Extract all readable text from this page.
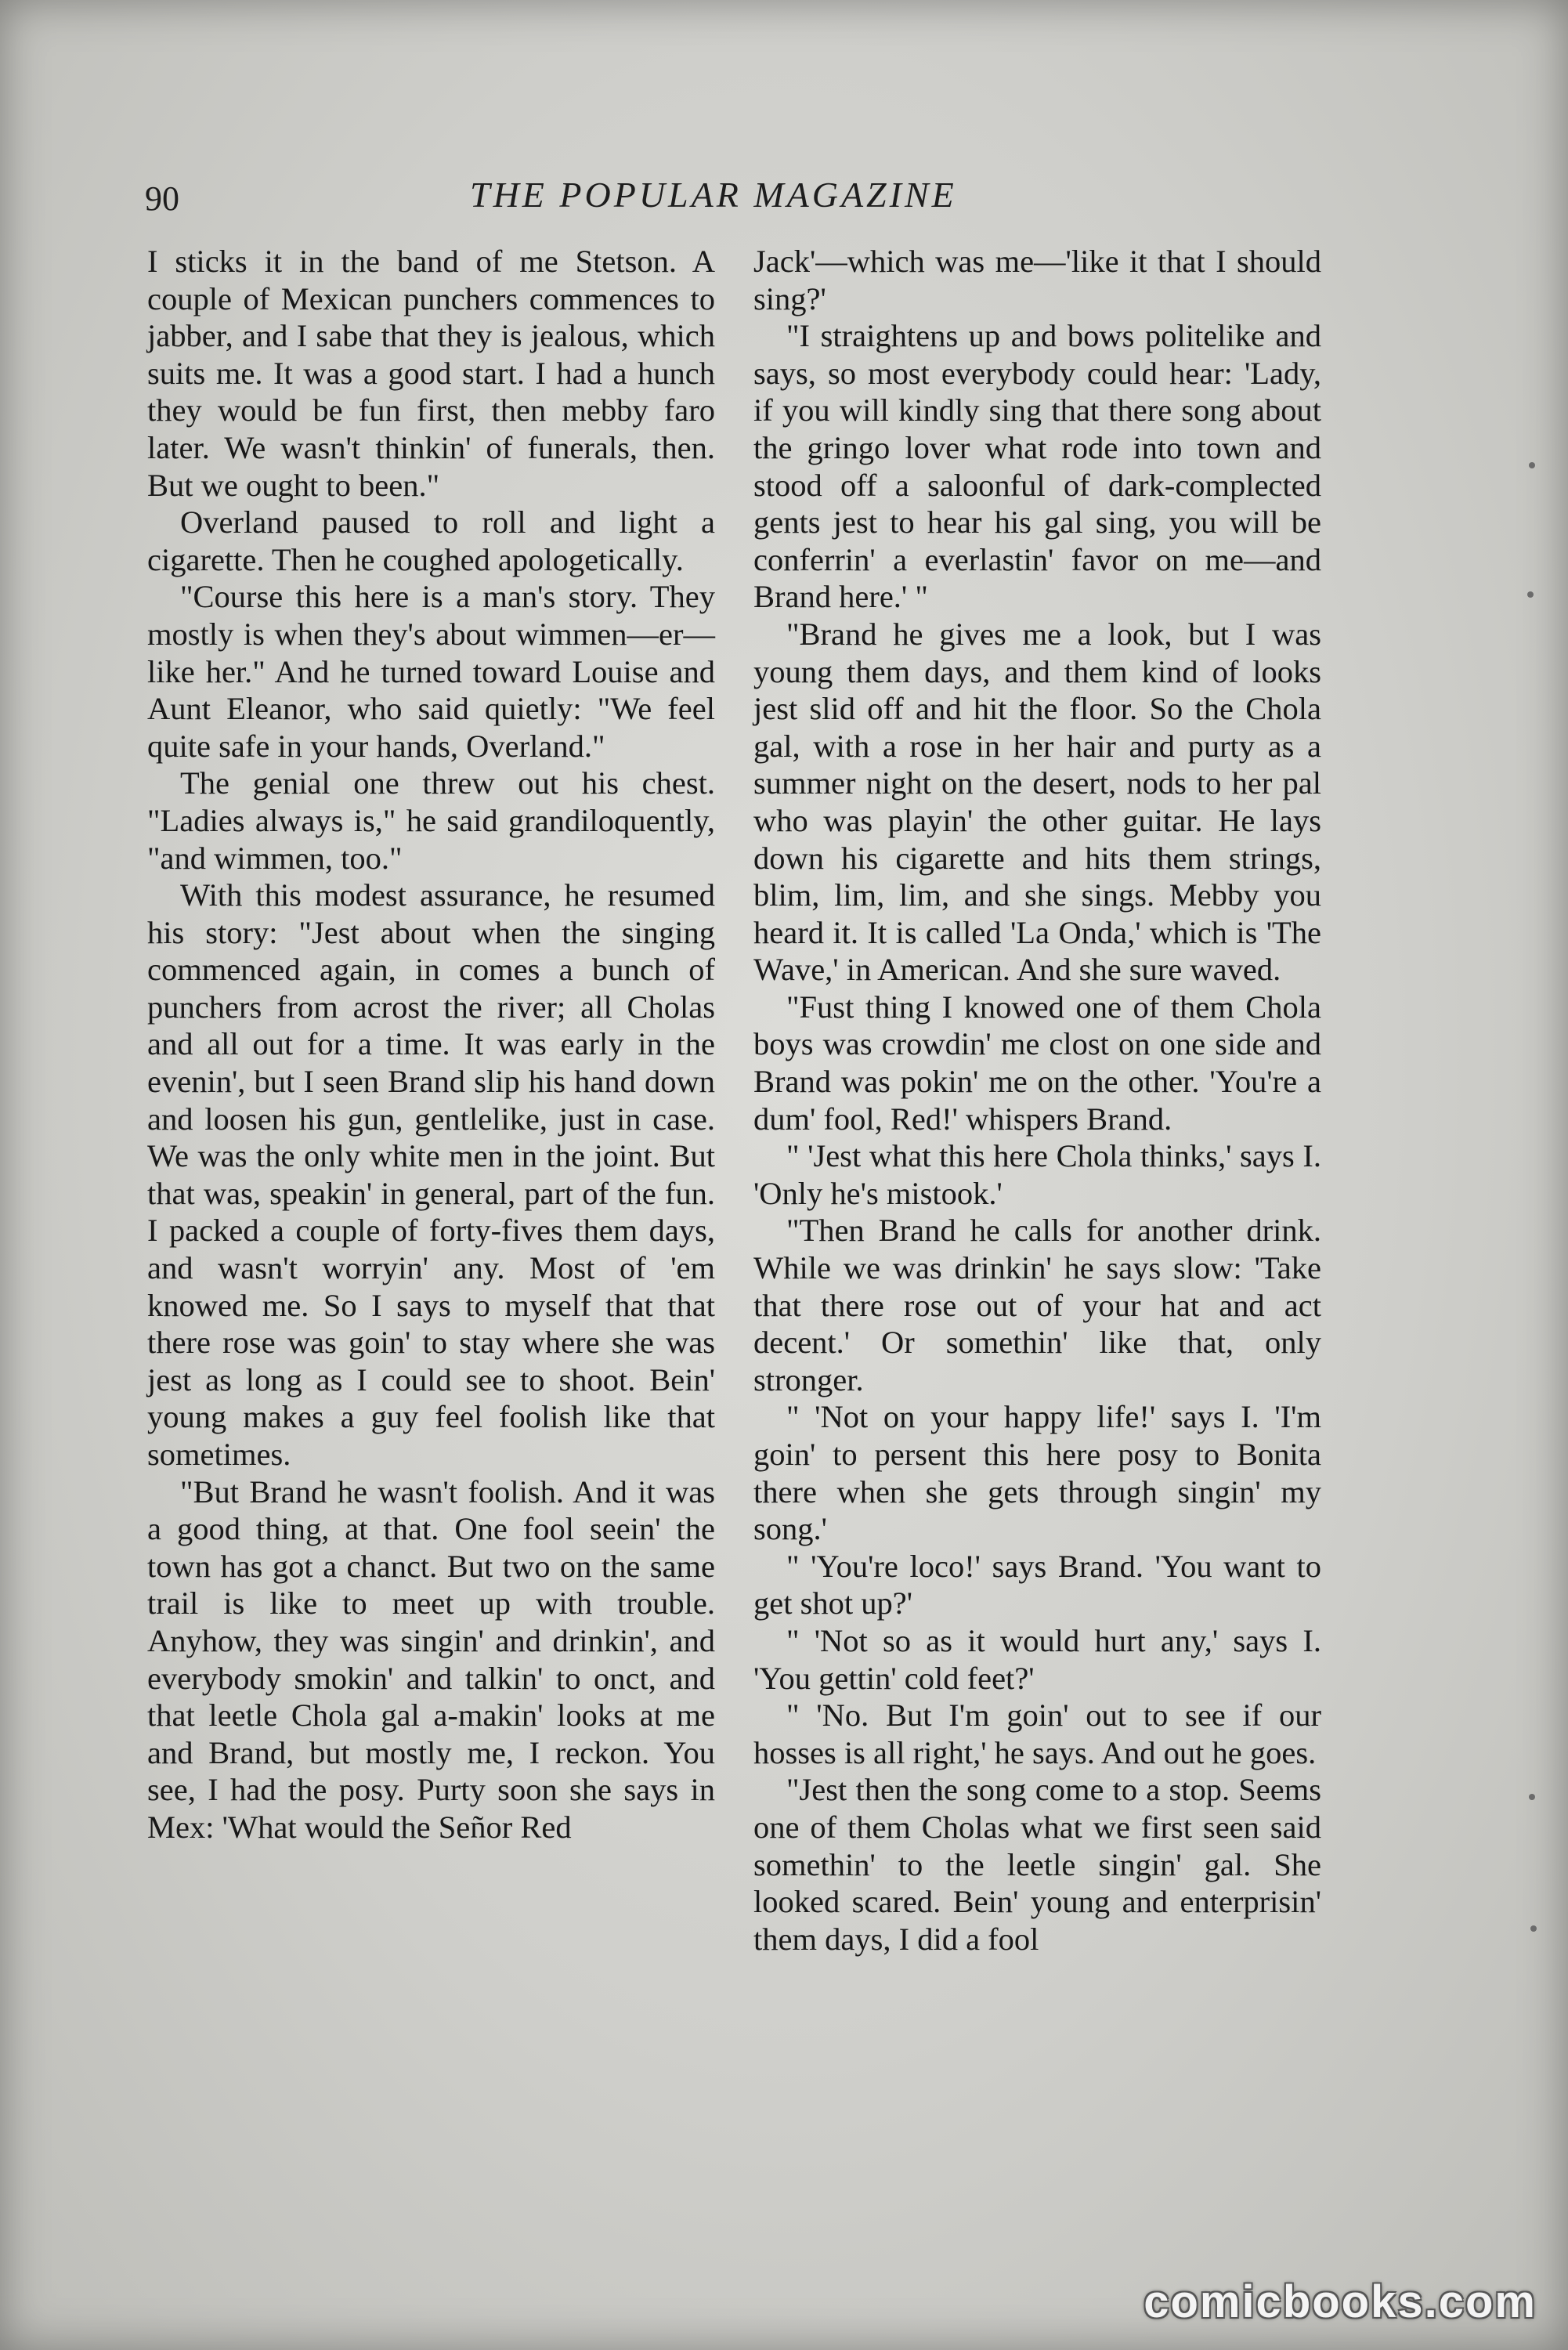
90	THE POPULAR MAGAZINE

I sticks it in the band of me Stetson. A couple of Mexican punchers commences to jabber, and I sabe that they is jealous, which suits me. It was a good start. I had a hunch they would be fun first, then mebby faro later. We wasn't thinkin' of funerals, then. But we ought to been."

Overland paused to roll and light a cigarette. Then he coughed apologetically.

"Course this here is a man's story. They mostly is when they's about wimmen—er—like her." And he turned toward Louise and Aunt Eleanor, who said quietly: "We feel quite safe in your hands, Overland."

The genial one threw out his chest. "Ladies always is," he said grandiloquently, "and wimmen, too."

With this modest assurance, he resumed his story: "Jest about when the singing commenced again, in comes a bunch of punchers from acrost the river; all Cholas and all out for a time. It was early in the evenin', but I seen Brand slip his hand down and loosen his gun, gentlelike, just in case. We was the only white men in the joint. But that was, speakin' in general, part of the fun. I packed a couple of forty-fives them days, and wasn't worryin' any. Most of 'em knowed me. So I says to myself that that there rose was goin' to stay where she was jest as long as I could see to shoot. Bein' young makes a guy feel foolish like that sometimes.

"But Brand he wasn't foolish. And it was a good thing, at that. One fool seein' the town has got a chanct. But two on the same trail is like to meet up with trouble. Anyhow, they was singin' and drinkin', and everybody smokin' and talkin' to onct, and that leetle Chola gal a-makin' looks at me and Brand, but mostly me, I reckon. You see, I had the posy. Purty soon she says in Mex: 'What would the Señor Red

Jack'—which was me—'like it that I should sing?'

"I straightens up and bows politelike and says, so most everybody could hear: 'Lady, if you will kindly sing that there song about the gringo lover what rode into town and stood off a saloonful of dark-complected gents jest to hear his gal sing, you will be conferrin' a everlastin' favor on me—and Brand here.' "

"Brand he gives me a look, but I was young them days, and them kind of looks jest slid off and hit the floor. So the Chola gal, with a rose in her hair and purty as a summer night on the desert, nods to her pal who was playin' the other guitar. He lays down his cigarette and hits them strings, blim, lim, lim, and she sings. Mebby you heard it. It is called 'La Onda,' which is 'The Wave,' in American. And she sure waved.

"Fust thing I knowed one of them Chola boys was crowdin' me clost on one side and Brand was pokin' me on the other. 'You're a dum' fool, Red!' whispers Brand.

" 'Jest what this here Chola thinks,' says I. 'Only he's mistook.'

"Then Brand he calls for another drink. While we was drinkin' he says slow: 'Take that there rose out of your hat and act decent.' Or somethin' like that, only stronger.

" 'Not on your happy life!' says I. 'I'm goin' to persent this here posy to Bonita there when she gets through singin' my song.'

" 'You're loco!' says Brand. 'You want to get shot up?'

" 'Not so as it would hurt any,' says I. 'You gettin' cold feet?'

" 'No. But I'm goin' out to see if our hosses is all right,' he says. And out he goes.

"Jest then the song come to a stop. Seems one of them Cholas what we first seen said somethin' to the leetle singin' gal. She looked scared. Bein' young and enterprisin' them days, I did a fool

comicbooks.com
